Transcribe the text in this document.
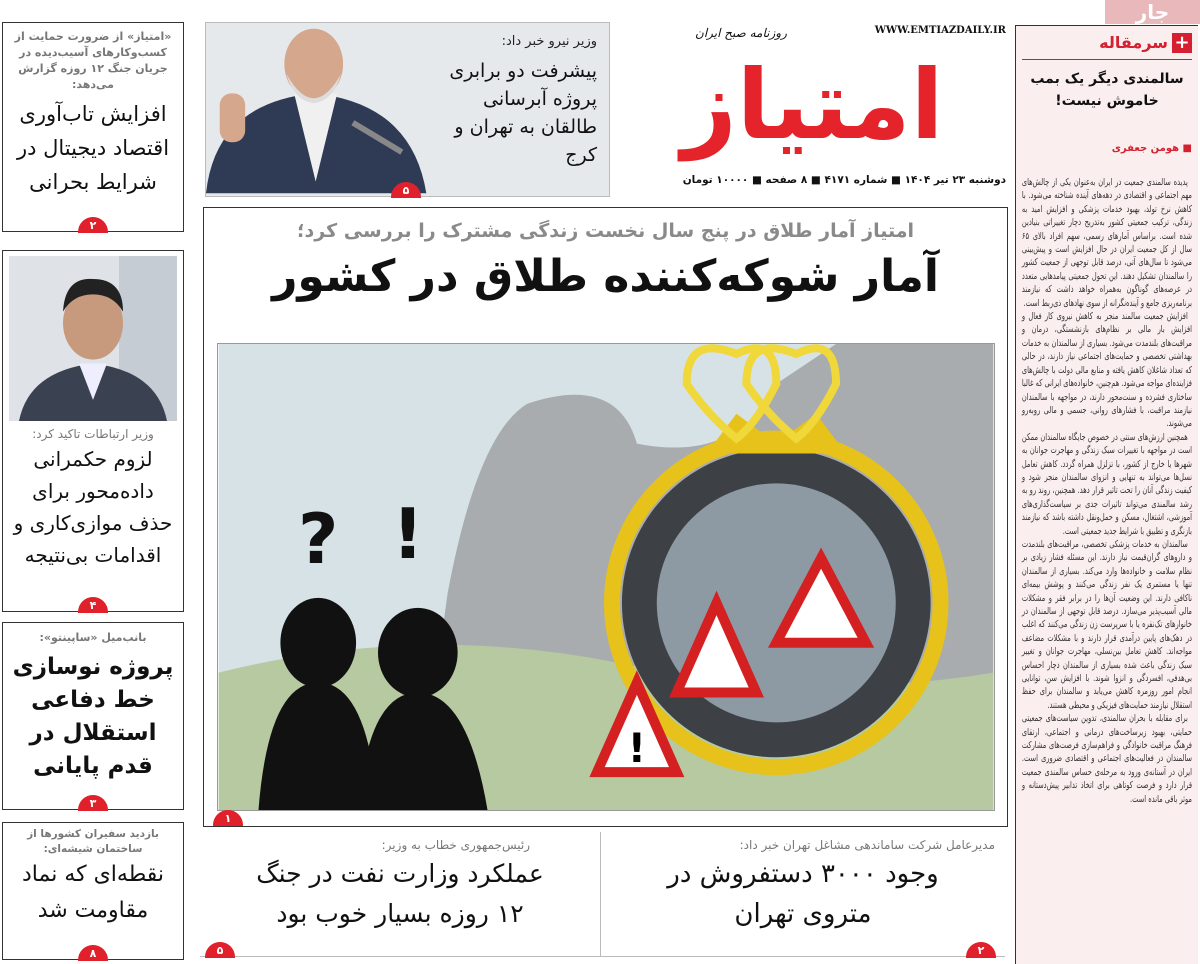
جار
«امتیاز» از ضرورت حمایت از کسب‌وکارهای آسیب‌دیده در جریان جنگ ۱۲ روزه گزارش می‌دهد:
افزایش تاب‌آوری اقتصاد دیجیتال در شرایط بحرانی
۲
وزیر ارتباطات تاکید کرد:
لزوم حکمرانی داده‌محور برای حذف موازی‌کاری و اقدامات بی‌نتیجه
۴
بانب‌میل «ساپینتو»:
پروژه نوسازی خط دفاعی استقلال در قدم پایانی
۳
بازدید سفیران کشورها از ساختمان شیشه‌ای:
نقطه‌ای که نماد مقاومت شد
۸
وزیر نیرو خبر داد:
پیشرفت دو برابری پروژه آبرسانی طالقان به تهران و کرج
۵
WWW.EMTIAZDAILY.IR
روزنامه صبح ایران
امتیاز
دوشنبه ۲۳ تیر ۱۴۰۴ ■ شماره ۴۱۷۱ ■ ۸ صفحه ■ ۱۰۰۰۰ تومان
امتیاز آمار طلاق در پنج سال نخست زندگی مشترک را بررسی کرد؛
آمار شوکه‌کننده طلاق در کشور
!
? !
۱
مدیرعامل شرکت ساماندهی مشاغل تهران خبر داد:
وجود ۳۰۰۰ دستفروش در متروی تهران
۲
رئیس‌جمهوری خطاب به وزیر:
عملکرد وزارت نفت در جنگ ۱۲ روزه بسیار خوب بود
۵
+
سرمقاله
سالمندی دیگر یک بمب خاموش نیست!
■ هومن جعفری

پدیده سالمندی جمعیت در ایران به‌عنوان یکی از چالش‌های مهم اجتماعی و اقتصادی در دهه‌های آینده شناخته می‌شود. با کاهش نرخ تولد، بهبود خدمات پزشکی و افزایش امید به زندگی، ترکیب جمعیتی کشور به‌تدریج دچار تغییراتی بنیادین شده است. براساس آمارهای رسمی، سهم افراد بالای ۶۵ سال از کل جمعیت ایران در حال افزایش است و پیش‌بینی می‌شود تا سال‌های آتی، درصد قابل توجهی از جمعیت کشور را سالمندان تشکیل دهند. این تحول جمعیتی پیامدهایی متعدد در عرصه‌های گوناگون به‌همراه خواهد داشت که نیازمند برنامه‌ریزی جامع و آینده‌نگرانه از سوی نهادهای ذی‌ربط است.

افزایش جمعیت سالمند منجر به کاهش نیروی کار فعال و افزایش بار مالی بر نظام‌های بازنشستگی، درمان و مراقبت‌های بلندمدت می‌شود. بسیاری از سالمندان به خدمات بهداشتی تخصصی و حمایت‌های اجتماعی نیاز دارند، در حالی که تعداد شاغلان کاهش یافته و منابع مالی دولت با چالش‌های فزاینده‌ای مواجه می‌شود. هم‌چنین، خانواده‌های ایرانی که غالبا ساختاری فشرده و سنت‌محور دارند، در مواجهه با سالمندان نیازمند مراقبت، با فشارهای روانی، جسمی و مالی روبه‌رو می‌شوند.

همچنین ارزش‌های سنتی در خصوص جایگاه سالمندان ممکن است در مواجهه با تغییرات سبک زندگی و مهاجرت جوانان به شهرها یا خارج از کشور، با تزلزل همراه گردد. کاهش تعامل نسل‌ها می‌تواند به تنهایی و انزوای سالمندان منجر شود و کیفیت زندگی آنان را تحت تاثیر قرار دهد. همچنین، روند رو به رشد سالمندی می‌تواند تاثیرات جدی بر سیاست‌گذاری‌های آموزشی، اشتغال، مسکن و حمل‌ونقل داشته باشد که نیازمند بازنگری و تطبیق با شرایط جدید جمعیتی است.

سالمندان به خدمات پزشکی تخصصی، مراقبت‌های بلندمدت و داروهای گران‌قیمت نیاز دارند. این مسئله فشار زیادی بر نظام سلامت و خانواده‌ها وارد می‌کند. بسیاری از سالمندان تنها یا مستمری یک نفر زندگی می‌کنند و پوشش بیمه‌ای ناکافی دارند. این وضعیت آن‌ها را در برابر فقر و مشکلات مالی آسیب‌پذیر می‌سازد. درصد قابل توجهی از سالمندان در خانوارهای تک‌نفره یا با سرپرست زن زندگی می‌کنند که اغلب در دهک‌های پایین درآمدی قرار دارند و با مشکلات مضاعف مواجه‌اند. کاهش تعامل بین‌نسلی، مهاجرت جوانان و تغییر سبک زندگی باعث شده بسیاری از سالمندان دچار احساس بی‌هدفی، افسردگی و انزوا شوند. با افزایش سن، توانایی انجام امور روزمره کاهش می‌یابد و سالمندان برای حفظ استقلال نیازمند حمایت‌های فیزیکی و محیطی هستند.

برای مقابله با بحران سالمندی، تدوین سیاست‌های جمعیتی حمایتی، بهبود زیرساخت‌های درمانی و اجتماعی، ارتقای فرهنگ مراقبت خانوادگی و فراهم‌سازی فرصت‌های مشارکت سالمندان در فعالیت‌های اجتماعی و اقتصادی ضروری است. ایران در آستانه‌ی ورود به مرحله‌ی حساس سالمندی جمعیت قرار دارد و فرصت کوتاهی برای اتخاذ تدابیر پیش‌دستانه و موثر باقی مانده است.
